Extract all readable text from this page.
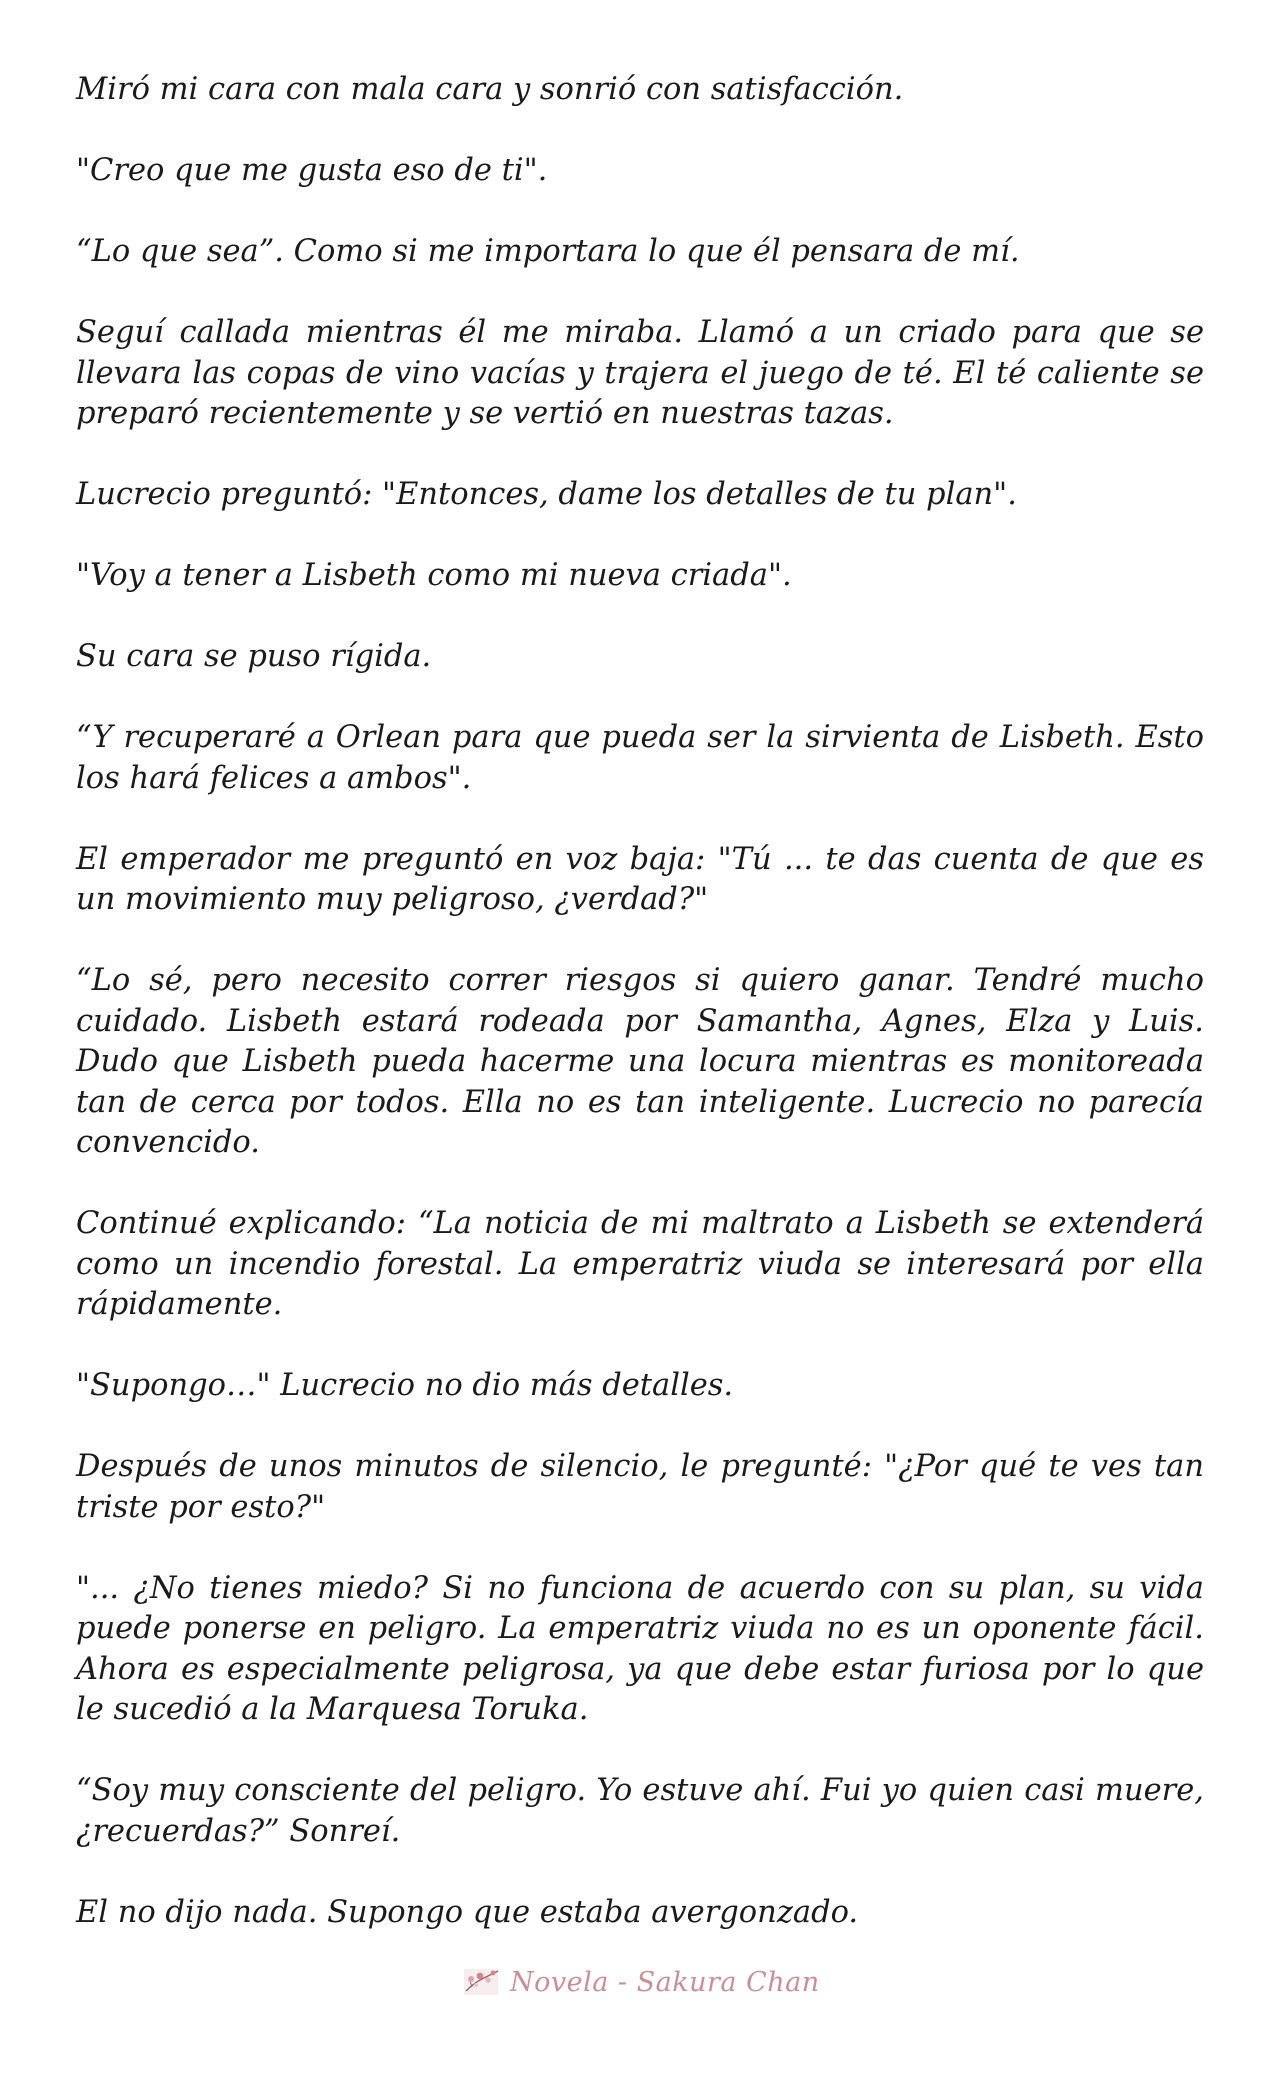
Miró mi cara con mala cara y sonrió con satisfacción.

"Creo que me gusta eso de ti".

“Lo que sea”. Como si me importara lo que él pensara de mí.

Seguí callada mientras él me miraba. Llamó a un criado para que se llevara las copas de vino vacías y trajera el juego de té. El té caliente se preparó recientemente y se vertió en nuestras tazas.

Lucrecio preguntó: "Entonces, dame los detalles de tu plan".

"Voy a tener a Lisbeth como mi nueva criada".

Su cara se puso rígida.

“Y recuperaré a Orlean para que pueda ser la sirvienta de Lisbeth. Esto los hará felices a ambos".

El emperador me preguntó en voz baja: "Tú ... te das cuenta de que es un movimiento muy peligroso, ¿verdad?"

“Lo sé, pero necesito correr riesgos si quiero ganar. Tendré mucho cuidado. Lisbeth estará rodeada por Samantha, Agnes, Elza y Luis. Dudo que Lisbeth pueda hacerme una locura mientras es monitoreada tan de cerca por todos. Ella no es tan inteligente. Lucrecio no parecía convencido.

Continué explicando: “La noticia de mi maltrato a Lisbeth se extenderá como un incendio forestal. La emperatriz viuda se interesará por ella rápidamente.

"Supongo…" Lucrecio no dio más detalles.

Después de unos minutos de silencio, le pregunté: "¿Por qué te ves tan triste por esto?"

"... ¿No tienes miedo? Si no funciona de acuerdo con su plan, su vida puede ponerse en peligro. La emperatriz viuda no es un oponente fácil. Ahora es especialmente peligrosa, ya que debe estar furiosa por lo que le sucedió a la Marquesa Toruka.

“Soy muy consciente del peligro. Yo estuve ahí. Fui yo quien casi muere, ¿recuerdas?” Sonreí.

El no dijo nada. Supongo que estaba avergonzado.

Novela - Sakura Chan
